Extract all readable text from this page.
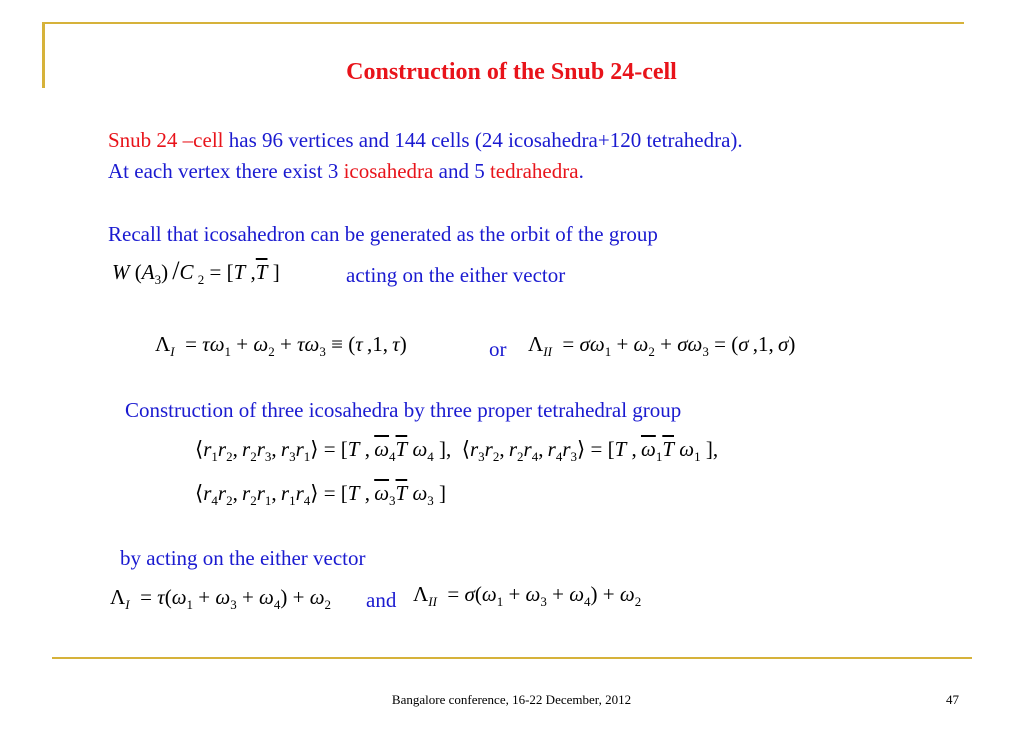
Construction of the Snub 24-cell
Snub 24 –cell has 96 vertices and 144 cells (24 icosahedra+120 tetrahedra).
At each vertex there exist 3 icosahedra and 5 tedrahedra.
Recall that icosahedron can be generated as the orbit of the group
W $(A_3)$ /C  $_2$ = [T $,\overline{T}$ ]	acting on the either vector
$\Lambda_I = \tau\omega_1 + \omega_2 + \tau\omega_3 \equiv (\tau$ ,1, τ)	or $\Lambda_{II} = \sigma\omega_1 + \omega_2 + \sigma\omega_3 = (\sigma$ ,1, σ)
Construction of three icosahedra by three proper tetrahedral group
$⟨r_1r_2$, $r_2r_3$, $r_3r_1⟩ = [T$ , $\overline{\omega}_4\overline{T}$ $\omega_4$ ],  $⟨r_3r_2$, $r_2r_4$, $r_4r_3⟩ = [T$ , $\overline{\omega}_1\overline{T}$ $\omega_1$ ],
$⟨r_4r_2$, $r_2r_1$, $r_1r_4⟩ = [T$ , $\overline{\omega}_3\overline{T}$ $\omega_3$ ]
by acting on the either vector
$\Lambda_I = \tau(\omega_1 + \omega_3 + \omega_4) + \omega_2$ and $\Lambda_{II} = \sigma(\omega_1 + \omega_3 + \omega_4) + \omega_2$
Bangalore conference, 16-22 December, 2012	47
